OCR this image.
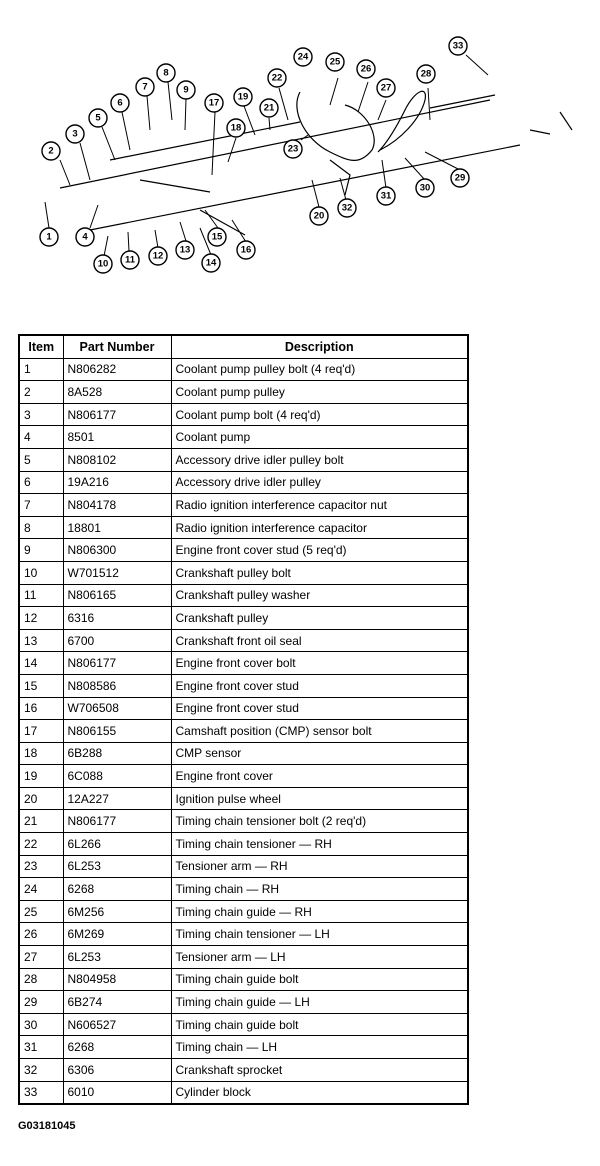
1
2
3
4
5
6
7
8
9
10 11 12
13
14
15
16
17
18
19
20
21
22
23
24 25
26
27
28
29
30
31
32
33
Item	Part Number	Description
1	N806282	Coolant pump pulley bolt (4 req'd)
2	8A528	Coolant pump pulley
3	N806177	Coolant pump bolt (4 req'd)
4	8501	Coolant pump
5	N808102	Accessory drive idler pulley bolt
6	19A216	Accessory drive idler pulley
7	N804178	Radio ignition interference capacitor nut
8	18801	Radio ignition interference capacitor
9	N806300	Engine front cover stud (5 req'd)
10	W701512	Crankshaft pulley bolt
11	N806165	Crankshaft pulley washer
12	6316	Crankshaft pulley
13	6700	Crankshaft front oil seal
14	N806177	Engine front cover bolt
15	N808586	Engine front cover stud
16	W706508	Engine front cover stud
17	N806155	Camshaft position (CMP) sensor bolt
18	6B288	CMP sensor
19	6C088	Engine front cover
20	12A227	Ignition pulse wheel
21	N806177	Timing chain tensioner bolt (2 req'd)
22	6L266	Timing chain tensioner — RH
23	6L253	Tensioner arm — RH
24	6268	Timing chain — RH
25	6M256	Timing chain guide — RH
26	6M269	Timing chain tensioner — LH
27	6L253	Tensioner arm — LH
28	N804958	Timing chain guide bolt
29	6B274	Timing chain guide — LH
30	N606527	Timing chain guide bolt
31	6268	Timing chain — LH
32	6306	Crankshaft sprocket
33	6010	Cylinder block
G03181045
